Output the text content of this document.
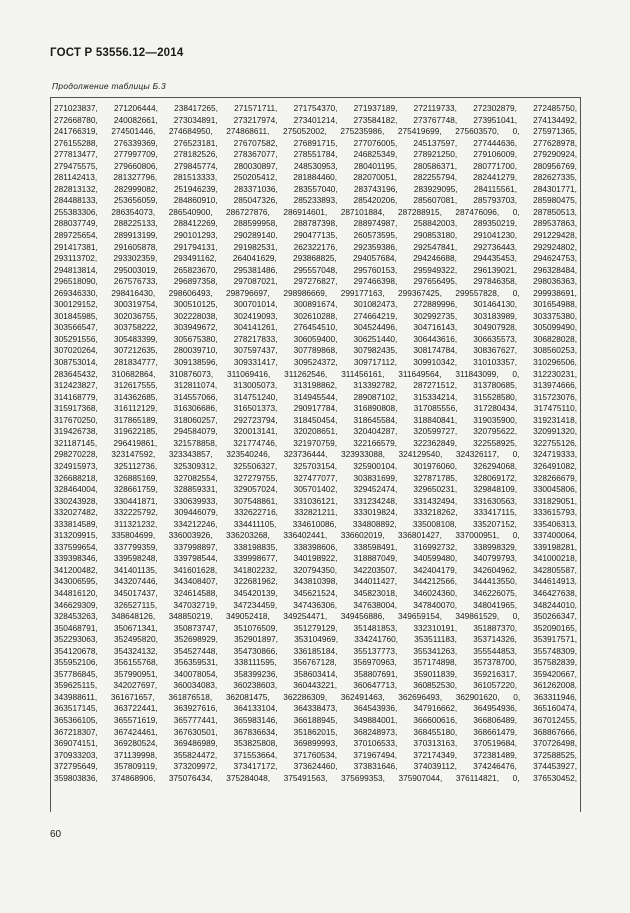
ГОСТ Р 53556.12—2014
Продолжение таблицы Б.3

271023837, 271206444, 238417265, 271571711, 271754370, 271937189, 272119733, 272302879, 272485750,

272668780, 240082661, 273034891, 273217974, 273401214, 273584182, 273767748, 273951041, 274134492,

241766319, 274501446, 274684950, 274868611, 275052002, 275235986, 275419699, 275603570, 0, 275971365,

276155288, 276339369, 276523181, 276707582, 276891715, 277076005, 245137597, 277444636, 277628978,

277813477, 277997709, 278182526, 278367077, 278551784, 246825349, 278921250, 279106009, 279290924,

279475575, 279660806, 279845774, 280030897, 248530953, 280401195, 280586371, 280771700, 280956769,

281142413, 281327796, 281513333, 250205412, 281884460, 282070051, 282255794, 282441279, 282627335,

282813132, 282999082, 251946239, 283371036, 283557040, 283743196, 283929095, 284115561, 284301771,

284488133, 253656059, 284860910, 285047326, 285233893, 285420206, 285607081, 285793703, 285980475,

255383306, 286354073, 286540900, 286727876, 286914601, 287101884, 287288915, 287476096, 0, 287850513,

288037749, 288225133, 288412269, 288599958, 288787398, 288974987, 258842003, 289350219, 289537863,

289725654, 289913199, 290101293, 290289140, 290477135, 260573595, 290853180, 291041230, 291229428,

291417381, 291605878, 291794131, 291982531, 262322176, 292359386, 292547841, 292736443, 292924802,

293113702, 293302359, 293491162, 264041629, 293868825, 294057684, 294246688, 294435453, 294624753,

294813814, 295003019, 265823670, 295381486, 295557048, 295760153, 295949322, 296139021, 296328484,

296518090, 267576733, 296897358, 297087021, 297276827, 297466398, 297656495, 297846358, 298036363,

269346330, 298416430, 298606493, 298796697, 298986669, 299177163, 299367425, 299557828, 0, 299938691,

300129152, 300319754, 300510125, 300701014, 300891674, 301082473, 272889996, 301464130, 301654988,

301845985, 302036755, 302228038, 302419093, 302610288, 274664219, 302992735, 303183989, 303375380,

303566547, 303758222, 303949672, 304141261, 276454510, 304524496, 304716143, 304907928, 305099490,

305291556, 305483399, 305675380, 278217833, 306059400, 306251440, 306443616, 306635573, 306828028,

307020264, 307212635, 280039710, 307597437, 307789868, 307982435, 308174784, 308367627, 308560253,

308753014, 281834777, 309138596, 309331417, 309524372, 309717112, 309910342, 310103357, 310296506,

283645432, 310682864, 310876073, 311069416, 311262546, 311456161, 311649564, 311843099, 0, 312230231,

312423827, 312617555, 312811074, 313005073, 313198862, 313392782, 287271512, 313780685, 313974666,

314168779, 314362685, 314557066, 314751240, 314945544, 289087102, 315334214, 315528580, 315723076,

315917368, 316112129, 316306686, 316501373, 290917784, 316890808, 317085556, 317280434, 317475110,

317670250, 317865189, 318060257, 292723794, 318450454, 318645584, 318840841, 319035900, 319231418,

319426738, 319622185, 294584079, 320013141, 320208651, 320404287, 320599727, 320795622, 320991320,

321187145, 296419861, 321578858, 321774746, 321970759, 322166579, 322362849, 322558925, 322755126,

298270228, 323147592, 323343857, 323540246, 323736444, 323933088, 324129540, 324326117, 0, 324719333,

324915973, 325112736, 325309312, 325506327, 325703154, 325900104, 301976060, 326294068, 326491082,

326688218, 326885169, 327082554, 327279755, 327477077, 303831699, 327871785, 328069172, 328266679,

328464004, 328661759, 328859331, 329057024, 305701402, 329452474, 329650231, 329848109, 330045806,

330243928, 330441871, 330639933, 307548861, 331036121, 331234248, 331432494, 331630563, 331829051,

332027482, 332225792, 309446079, 332622716, 332821211, 333019824, 333218262, 333417115, 333615793,

333814589, 311321232, 334212246, 334411105, 334610086, 334808892, 335008108, 335207152, 335406313,

313209915, 335804699, 336003926, 336203268, 336402441, 336602019, 336801427, 337000951, 0, 337400064,

337599654, 337799359, 337998897, 338198835, 338398606, 338598491, 316992732, 338998329, 339198281,

339398346, 339598248, 339798544, 339998677, 340198922, 318887049, 340599480, 340799793, 341000218,

341200482, 341401135, 341601628, 341802232, 320794350, 342203507, 342404179, 342604962, 342805587,

343006595, 343207446, 343408407, 322681962, 343810398, 344011427, 344212566, 344413550, 344614913,

344816120, 345017437, 324614588, 345420139, 345621524, 345823018, 346024360, 346226075, 346427638,

346629309, 326527115, 347032719, 347234459, 347436306, 347638004, 347840070, 348041965, 348244010,

328453263, 348648126, 348850219, 349052418, 349254471, 349456886, 349659154, 349861529, 0, 350266347,

350468791, 350671341, 350873747, 351076509, 351279129, 351481853, 332310191, 351887370, 352090165,

352293063, 352495820, 352698929, 352901897, 353104969, 334241760, 353511183, 353714326, 353917571,

354120678, 354324132, 354527448, 354730866, 336185184, 355137773, 355341263, 355544853, 355748309,

355952106, 356155768, 356359531, 338111595, 356767128, 356970963, 357174898, 357378700, 357582839,

357786845, 357990951, 340078054, 358399236, 358603414, 358807691, 359011839, 359216317, 359420667,

359625115, 342027697, 360034083, 360238603, 360443221, 360647713, 360852530, 361057220, 361262008,

343988611, 361671657, 361876518, 362081475, 362286309, 362491463, 362696493, 362901620, 0, 363311946,

363517145, 363722441, 363927616, 364133104, 364338473, 364543936, 347916662, 364954936, 365160474,

365366105, 365571619, 365777441, 365983146, 366188945, 349884001, 366600616, 366806489, 367012455,

367218307, 367424461, 367630501, 367836634, 351862015, 368248973, 368455180, 368661479, 368867666,

369074151, 369280524, 369486989, 353825808, 369899993, 370106533, 370313163, 370519684, 370726498,

370933203, 371139998, 355824472, 371553664, 371760534, 371967494, 372174349, 372381489, 372588525,

372795649, 357809119, 373209972, 373417172, 373624460, 373831646, 374039112, 374246476, 374453927,

359803836, 374868906, 375076434, 375284048, 375491563, 375699353, 375907044, 376114821, 0, 376530452,

60
